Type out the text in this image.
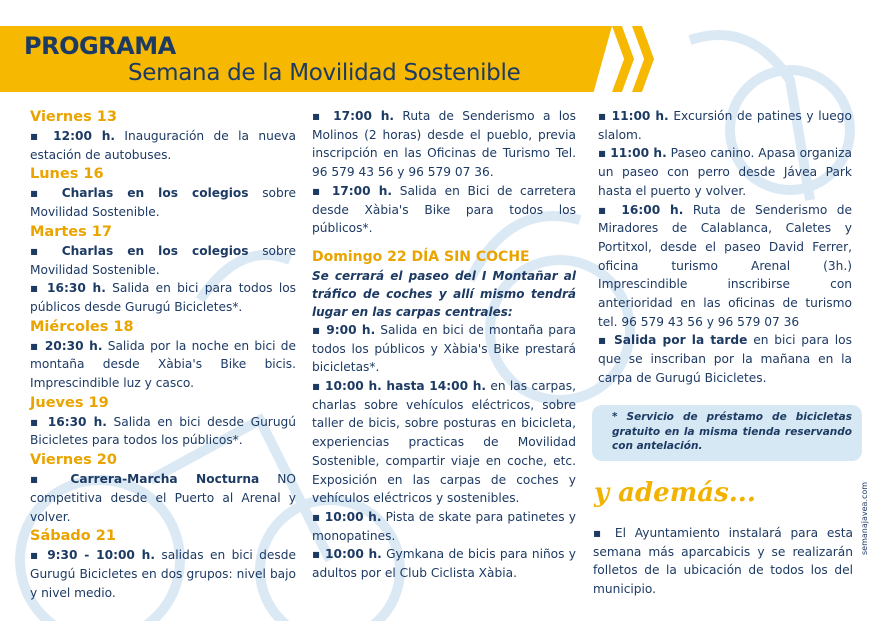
PROGRAMA
Semana de la Movilidad Sostenible
Viernes 13
▪ 12:00 h. Inauguración de la nueva estación de autobuses.
Lunes 16
▪ Charlas en los colegios sobre Movilidad Sostenible.
Martes 17
▪ Charlas en los colegios sobre Movilidad Sostenible.
▪ 16:30 h. Salida en bici para todos los públicos desde Gurugú Bicicletes*.
Miércoles 18
▪ 20:30 h. Salida por la noche en bici de montaña desde Xàbia's Bike bicis. Imprescindible luz y casco.
Jueves 19
▪ 16:30 h. Salida en bici desde Gurugú Bicicletes para todos los públicos*.
Viernes 20
▪ Carrera-Marcha Nocturna NO competitiva desde el Puerto al Arenal y volver.
Sábado 21
▪ 9:30 - 10:00 h. salidas en bici desde Gurugú Bicicletes en dos grupos: nivel bajo y nivel medio.
▪ 17:00 h. Ruta de Senderismo a los Molinos (2 horas) desde el pueblo, previa inscripción en las Oficinas de Turismo Tel. 96 579 43 56 y 96 579 07 36.
▪ 17:00 h. Salida en Bici de carretera desde Xàbia's Bike para todos los públicos*.
Domingo 22 DÍA SIN COCHE
Se cerrará el paseo del I Montañar al tráfico de coches y allí mismo tendrá lugar en las carpas centrales:
▪ 9:00 h. Salida en bici de montaña para todos los públicos y Xàbia's Bike prestará bicicletas*.
▪ 10:00 h. hasta 14:00 h. en las carpas, charlas sobre vehículos eléctricos, sobre taller de bicis, sobre posturas en bicicleta, experiencias practicas de Movilidad Sostenible, compartir viaje en coche, etc. Exposición en las carpas de coches y vehículos eléctricos y sostenibles.
▪ 10:00 h. Pista de skate para patinetes y monopatines.
▪ 10:00 h. Gymkana de bicis para niños y adultos por el Club Ciclista Xàbia.
▪ 11:00 h. Excursión de patines y luego slalom.
▪ 11:00 h. Paseo canino. Apasa organiza un paseo con perro desde Jávea Park hasta el puerto y volver.
▪ 16:00 h. Ruta de Senderismo de Miradores de Calablanca, Caletes y Portitxol, desde el paseo David Ferrer, oficina turismo Arenal (3h.) Imprescindible inscribirse con anterioridad en las oficinas de turismo tel. 96 579 43 56 y 96 579 07 36
▪ Salida por la tarde en bici para los que se inscriban por la mañana en la carpa de Gurugú Bicicletes.
* Servicio de préstamo de bicicletas gratuito en la misma tienda reservando con antelación.
y además...
▪ El Ayuntamiento instalará para esta semana más aparcabicis y se realizarán folletos de la ubicación de todos los del municipio.
semanajavea.com
